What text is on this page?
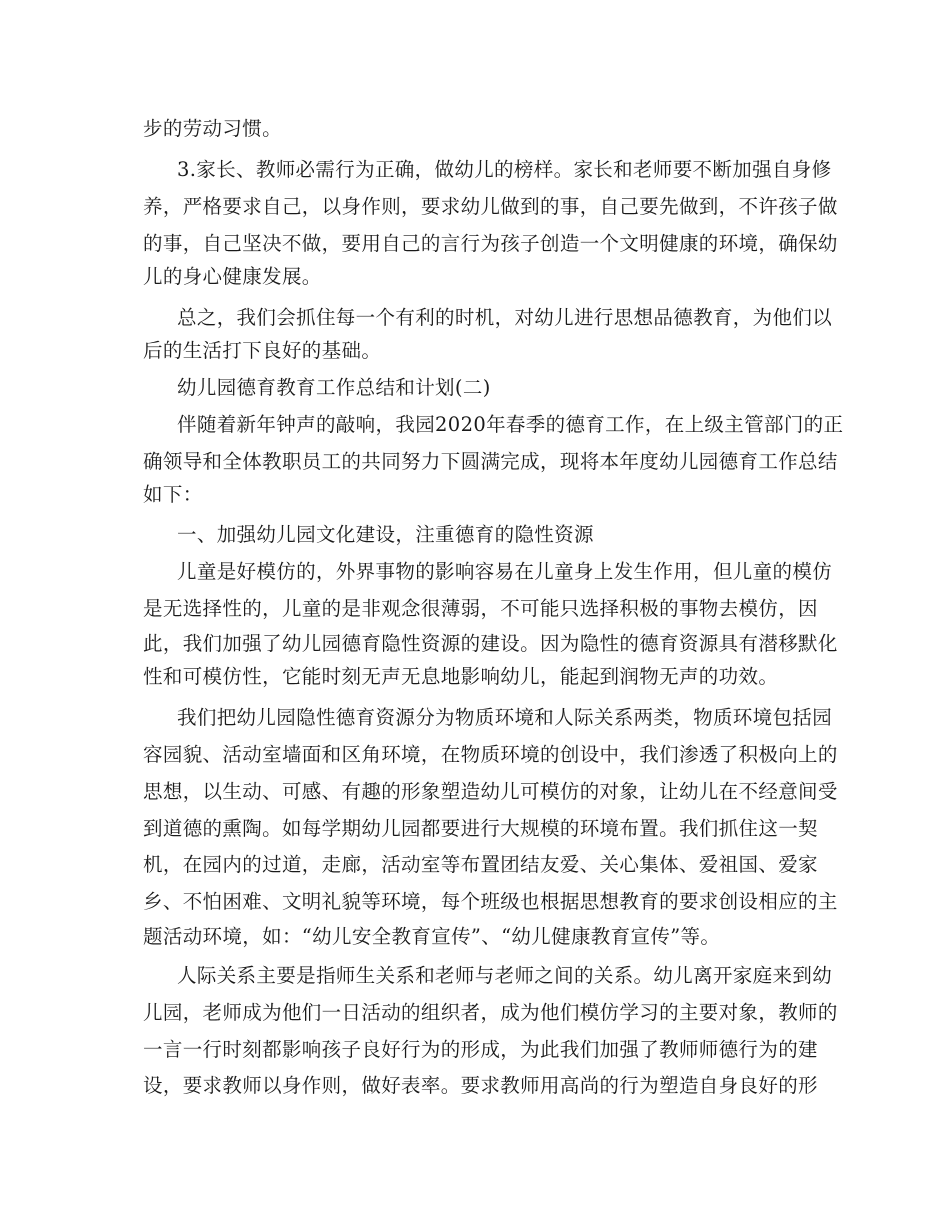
步的劳动习惯。
3.家长、教师必需行为正确，做幼儿的榜样。家长和老师要不断加强自身修
养，严格要求自己，以身作则，要求幼儿做到的事，自己要先做到，不许孩子做
的事，自己坚决不做，要用自己的言行为孩子创造一个文明健康的环境，确保幼
儿的身心健康发展。
总之，我们会抓住每一个有利的时机，对幼儿进行思想品德教育，为他们以
后的生活打下良好的基础。
幼儿园德育教育工作总结和计划(二)
伴随着新年钟声的敲响，我园2020年春季的德育工作，在上级主管部门的正
确领导和全体教职员工的共同努力下圆满完成，现将本年度幼儿园德育工作总结
如下：
一、加强幼儿园文化建设，注重德育的隐性资源
儿童是好模仿的，外界事物的影响容易在儿童身上发生作用，但儿童的模仿
是无选择性的，儿童的是非观念很薄弱，不可能只选择积极的事物去模仿，因
此，我们加强了幼儿园德育隐性资源的建设。因为隐性的德育资源具有潜移默化
性和可模仿性，它能时刻无声无息地影响幼儿，能起到润物无声的功效。
我们把幼儿园隐性德育资源分为物质环境和人际关系两类，物质环境包括园
容园貌、活动室墙面和区角环境，在物质环境的创设中，我们渗透了积极向上的
思想，以生动、可感、有趣的形象塑造幼儿可模仿的对象，让幼儿在不经意间受
到道德的熏陶。如每学期幼儿园都要进行大规模的环境布置。我们抓住这一契
机，在园内的过道，走廊，活动室等布置团结友爱、关心集体、爱祖国、爱家
乡、不怕困难、文明礼貌等环境，每个班级也根据思想教育的要求创设相应的主
题活动环境，如：“幼儿安全教育宣传”、“幼儿健康教育宣传”等。
人际关系主要是指师生关系和老师与老师之间的关系。幼儿离开家庭来到幼
儿园，老师成为他们一日活动的组织者，成为他们模仿学习的主要对象，教师的
一言一行时刻都影响孩子良好行为的形成，为此我们加强了教师师德行为的建
设，要求教师以身作则，做好表率。要求教师用高尚的行为塑造自身良好的形
